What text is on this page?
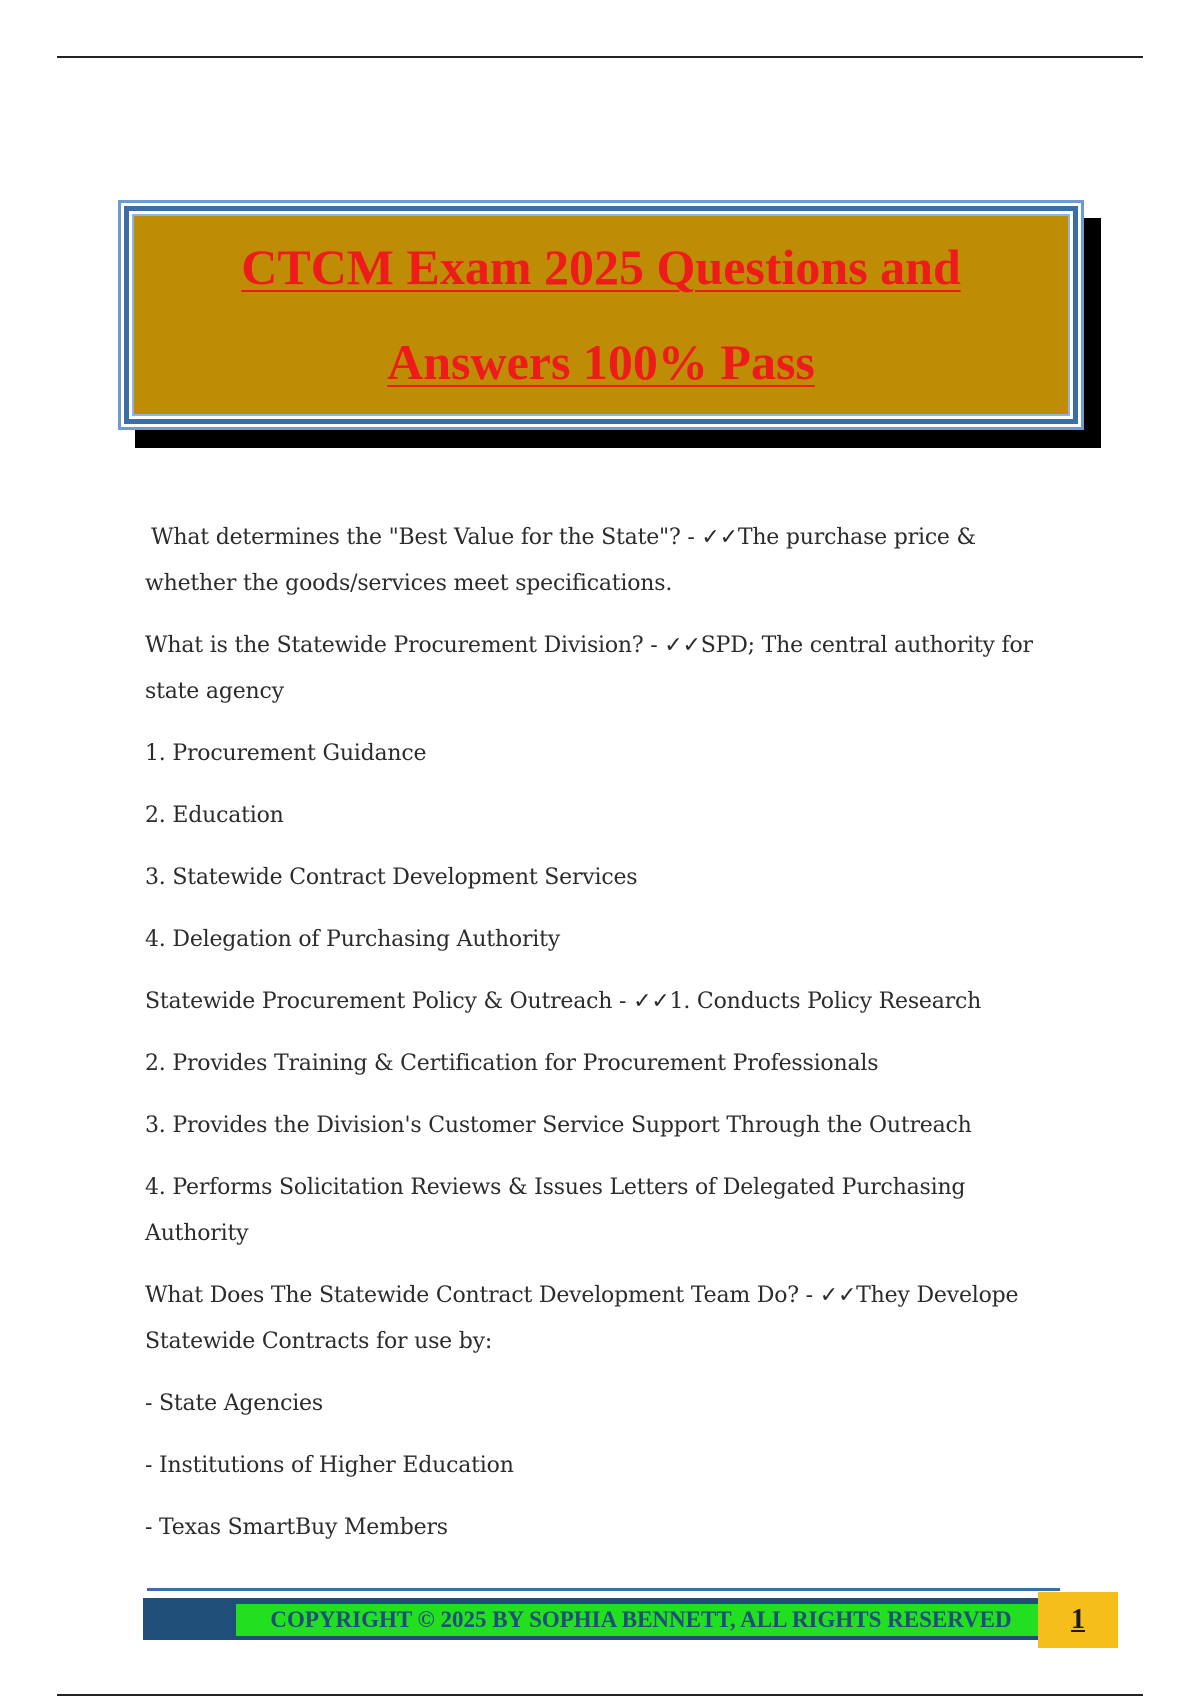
CTCM Exam 2025 Questions and
Answers 100% Pass

What determines the "Best Value for the State"? - ✓✓The purchase price & whether the goods/services meet specifications.

What is the Statewide Procurement Division? - ✓✓SPD; The central authority for state agency

1. Procurement Guidance

2. Education

3. Statewide Contract Development Services

4. Delegation of Purchasing Authority

Statewide Procurement Policy & Outreach - ✓✓1. Conducts Policy Research

2. Provides Training & Certification for Procurement Professionals

3. Provides the Division's Customer Service Support Through the Outreach

4. Performs Solicitation Reviews & Issues Letters of Delegated Purchasing Authority

What Does The Statewide Contract Development Team Do? - ✓✓They Develope Statewide Contracts for use by:

- State Agencies

- Institutions of Higher Education

- Texas SmartBuy Members

COPYRIGHT © 2025 BY SOPHIA BENNETT, ALL RIGHTS RESERVED	1
